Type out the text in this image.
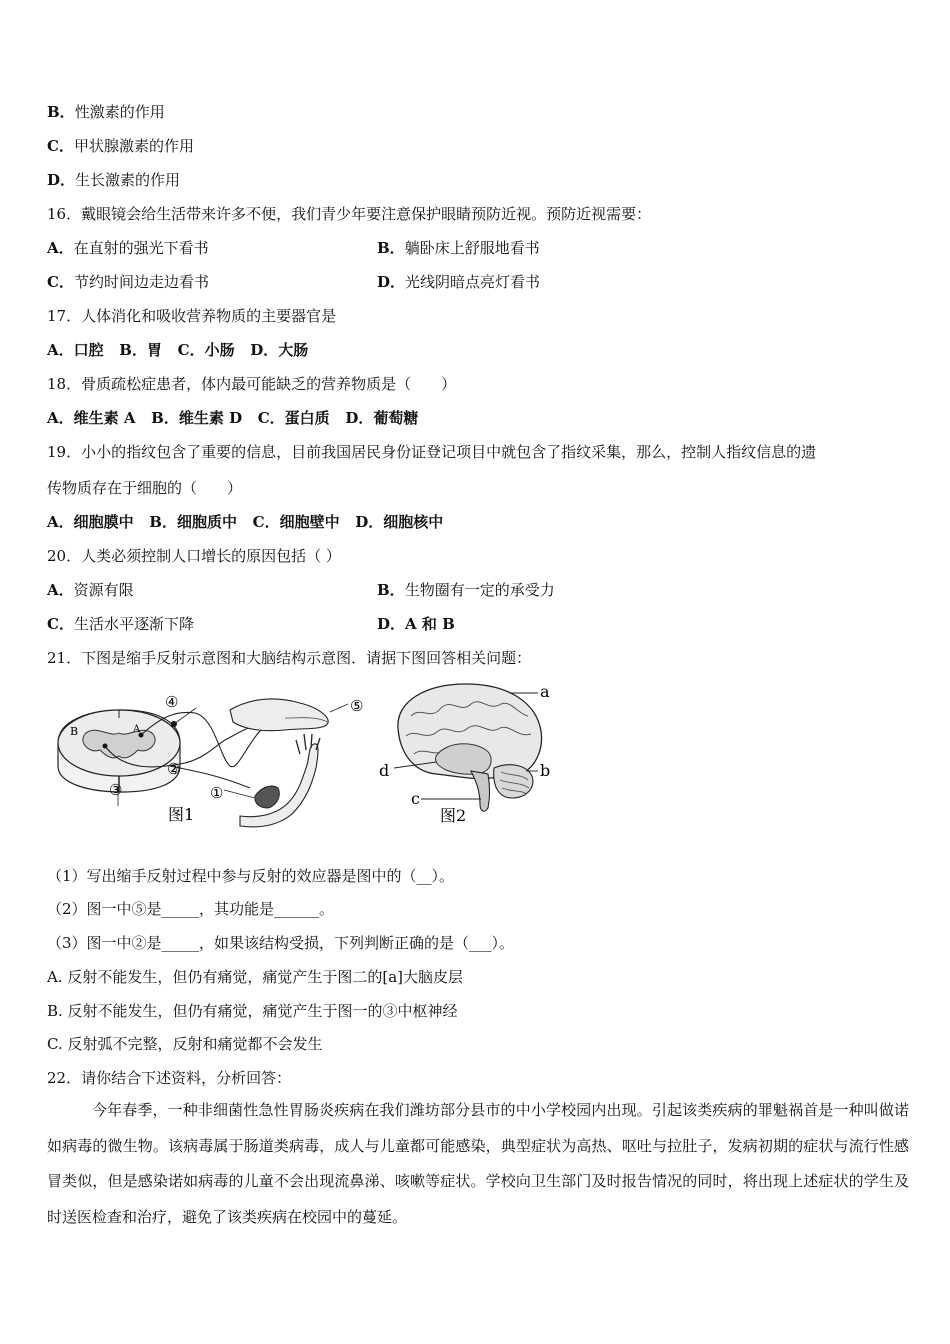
B．性激素的作用
C．甲状腺激素的作用
D．生长激素的作用
16．戴眼镜会给生活带来许多不便，我们青少年要注意保护眼睛预防近视。预防近视需要：
A．在直射的强光下看书	B．躺卧床上舒服地看书
C．节约时间边走边看书	D．光线阴暗点亮灯看书
17．人体消化和吸收营养物质的主要器官是
A．口腔   B．胃   C．小肠   D．大肠
18．骨质疏松症患者，体内最可能缺乏的营养物质是（　　）
A．维生素 A   B．维生素 D   C．蛋白质   D．葡萄糖
19．小小的指纹包含了重要的信息，目前我国居民身份证登记项目中就包含了指纹采集，那么，控制人指纹信息的遗
传物质存在于细胞的（　　）
A．细胞膜中   B．细胞质中   C．细胞壁中   D．细胞核中
20．人类必须控制人口增长的原因包括（ ）
A．资源有限	B．生物圈有一定的承受力
C．生活水平逐渐下降	D．A 和 B
21．下图是缩手反射示意图和大脑结构示意图．请据下图回答相关问题：
B	A
④	⑤
②
③	①
图1
a
b
c
d
图2
（1）写出缩手反射过程中参与反射的效应器是图中的（__）。
（2）图一中⑤是_____，其功能是______。
（3）图一中②是_____，如果该结构受损，下列判断正确的是（___）。
A. 反射不能发生，但仍有痛觉，痛觉产生于图二的[a]大脑皮层
B. 反射不能发生，但仍有痛觉，痛觉产生于图一的③中枢神经
C. 反射弧不完整，反射和痛觉都不会发生
22．请你结合下述资料，分析回答：
今年春季，一种非细菌性急性胃肠炎疾病在我们潍坊部分县市的中小学校园内出现。引起该类疾病的罪魁祸首是一种叫做诺如病毒的微生物。该病毒属于肠道类病毒，成人与儿童都可能感染，典型症状为高热、呕吐与拉肚子，发病初期的症状与流行性感冒类似，但是感染诺如病毒的儿童不会出现流鼻涕、咳嗽等症状。学校向卫生部门及时报告情况的同时，将出现上述症状的学生及时送医检查和治疗，避免了该类疾病在校园中的蔓延。
